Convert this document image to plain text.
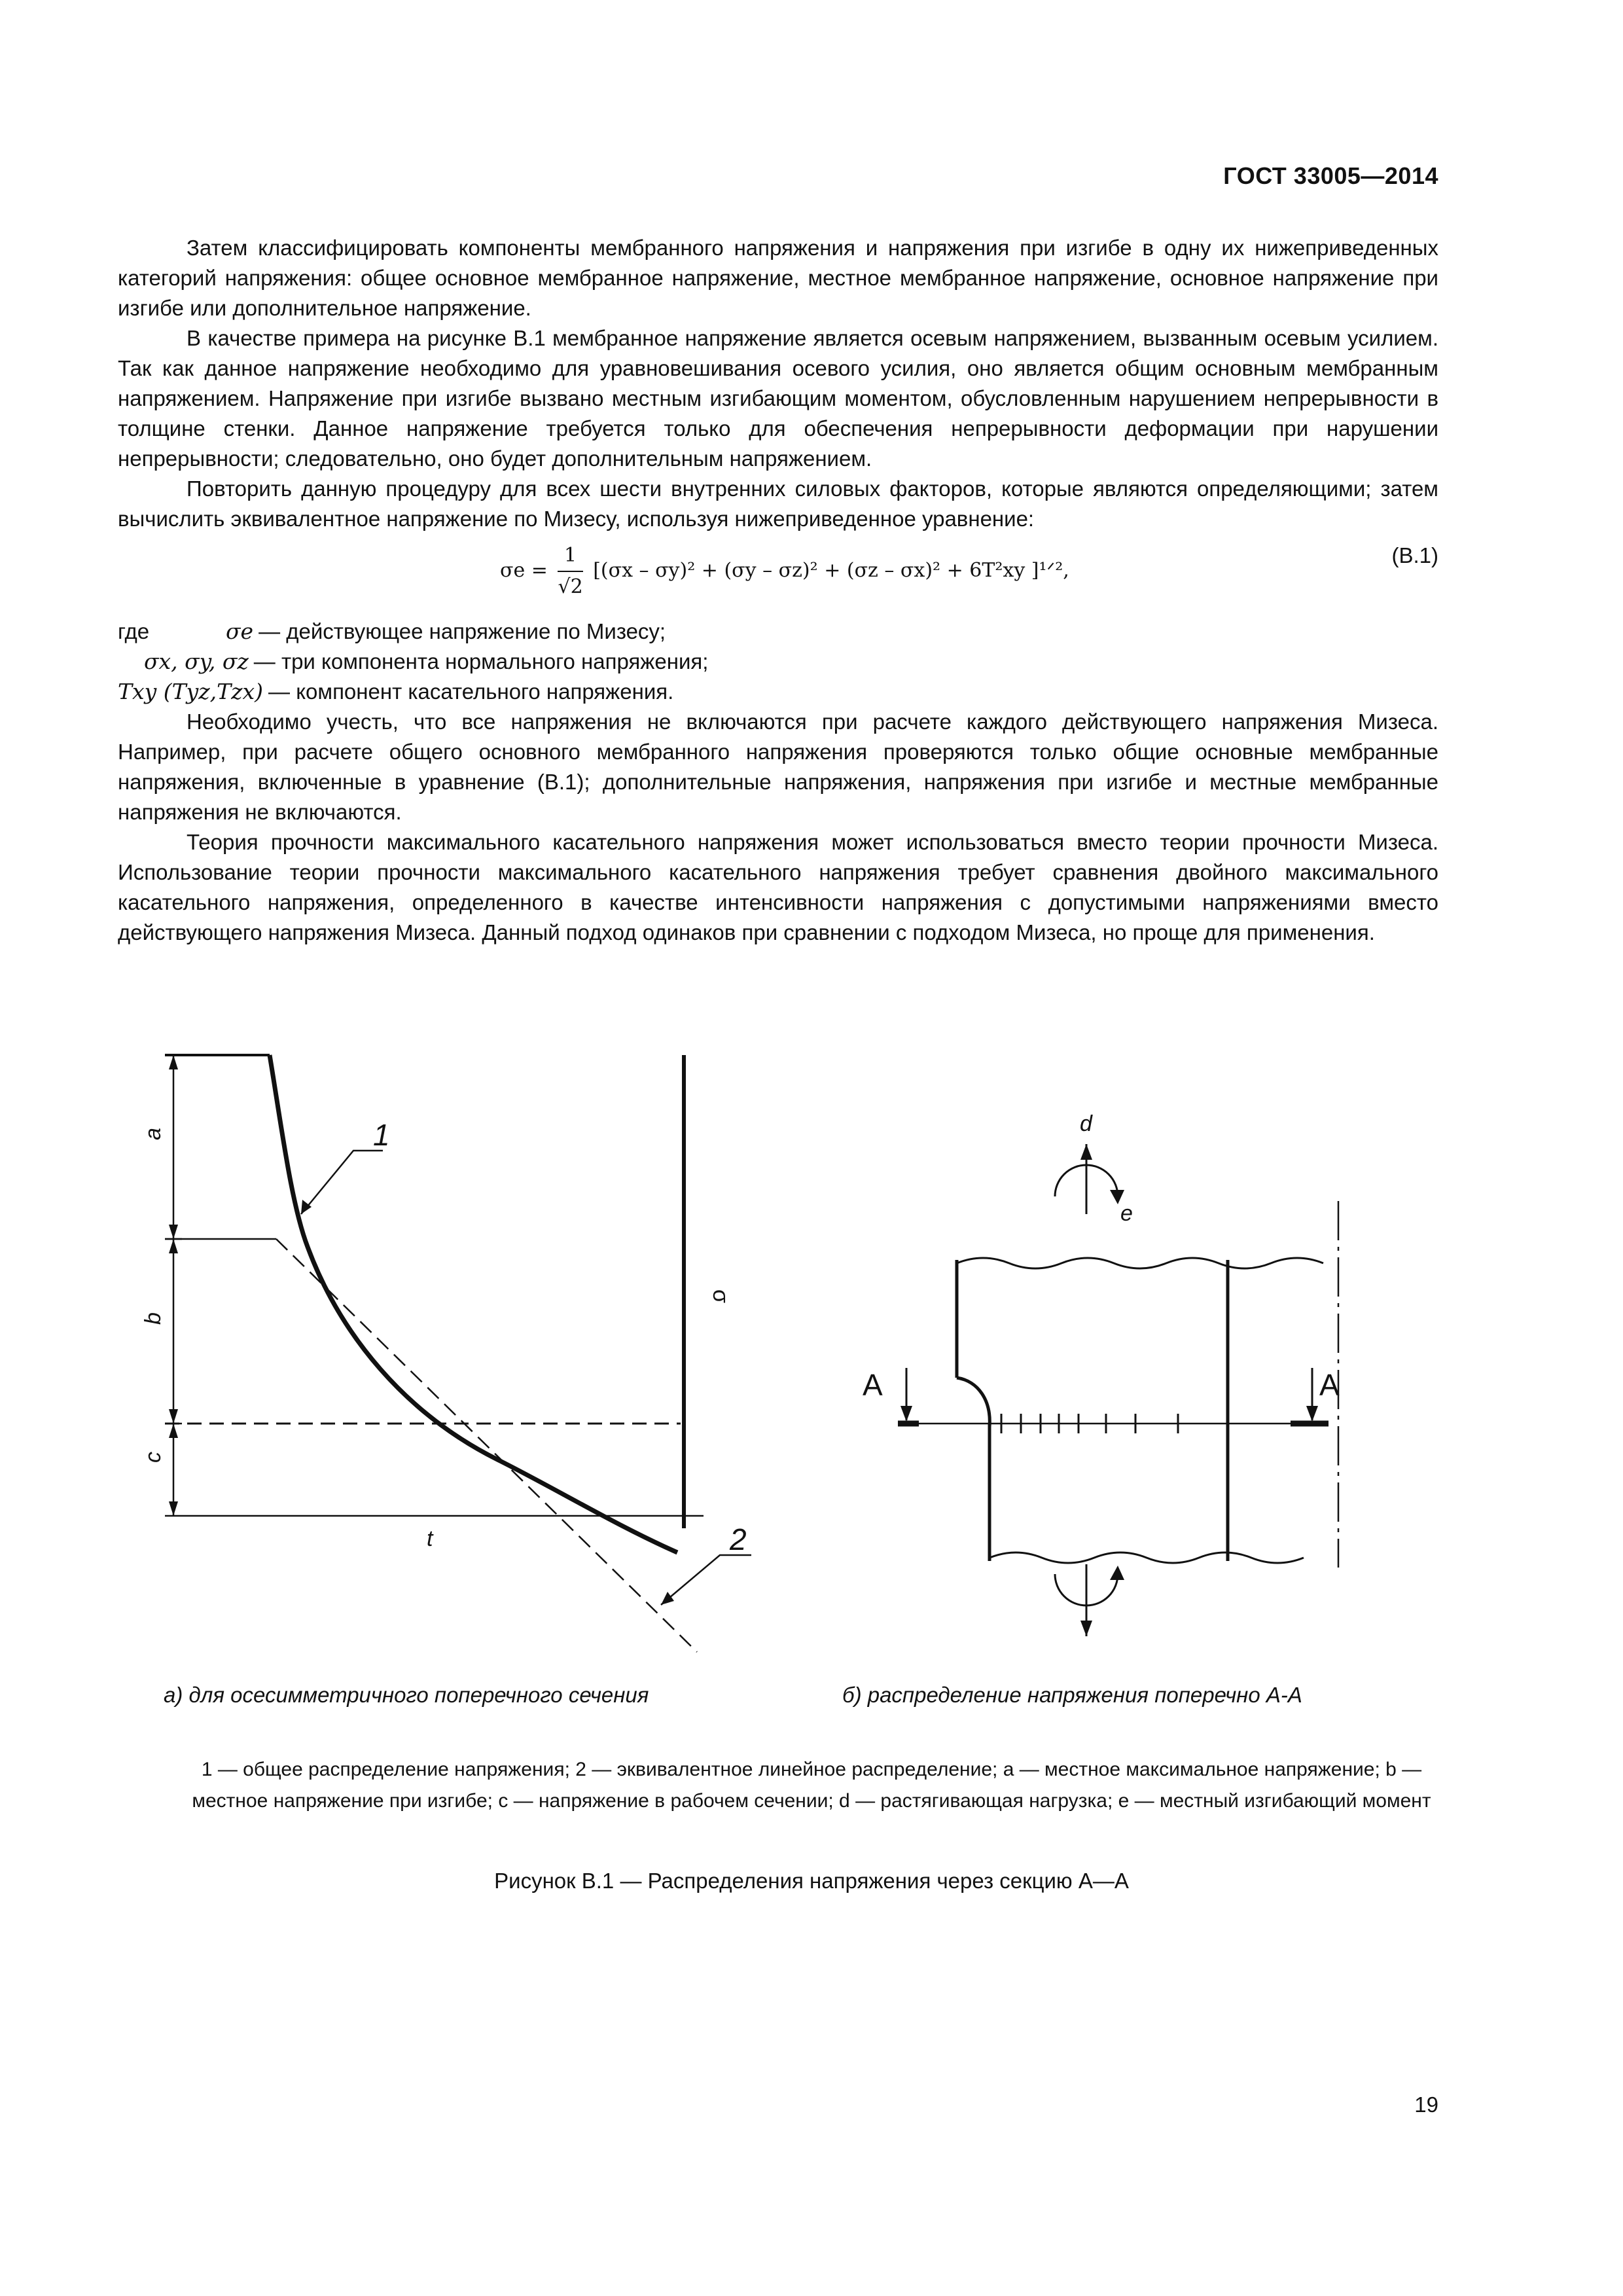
ГОСТ 33005—2014

Затем классифицировать компоненты мембранного напряжения и напряжения при изгибе в одну их нижеприведенных категорий напряжения: общее основное мембранное напряжение, местное мембранное напряжение, основное напряжение при изгибе или дополнительное напряжение.

В качестве примера на рисунке В.1 мембранное напряжение является осевым напряжением, вызванным осевым усилием. Так как данное напряжение необходимо для уравновешивания осевого усилия, оно является общим основным мембранным напряжением. Напряжение при изгибе вызвано местным изгибающим моментом, обусловленным нарушением непрерывности в толщине стенки. Данное напряжение требуется только для обеспечения непрерывности деформации при нарушении непрерывности; следовательно, оно будет дополнительным напряжением.

Повторить данную процедуру для всех шести внутренних силовых факторов, которые являются определяющими; затем вычислить эквивалентное напряжение по Мизесу, используя нижеприведенное уравнение:

$\sigma e = \frac{1}{√2} [(\sigma x - \sigma y)^2 + (\sigma y - \sigma z)^2 + (\sigma z - \sigma x)^2 + 6T^2xy$ ]¹ᐟ²,
(В.1)
где	σe — действующее напряжение по Мизесу;
σx, σy, σz — три компонента нормального напряжения;
Txy (Tyz,Tzx) — компонент касательного напряжения.

Необходимо учесть, что все напряжения не включаются при расчете каждого действующего напряжения Мизеса. Например, при расчете общего основного мембранного напряжения проверяются только общие основные мембранные напряжения, включенные в уравнение (В.1); дополнительные напряжения, напряжения при изгибе и местные мембранные напряжения не включаются.

Теория прочности максимального касательного напряжения может использоваться вместо теории прочности Мизеса. Использование теории прочности максимального касательного напряжения требует сравнения двойного максимального касательного напряжения, определенного в качестве интенсивности напряжения с допустимыми напряжениями вместо действующего напряжения Мизеса. Данный подход одинаков при сравнении с подходом Мизеса, но проще для применения.

a
b
c
t
σ
1
2
d
e
A	A
а) для осесимметричного поперечного сечения	б) распределение напряжения поперечно А-А
1 — общее распределение напряжения; 2 — эквивалентное линейное распределение; a — местное максимальное напряжение; b — местное напряжение при изгибе; c — напряжение в рабочем сечении; d — растягивающая нагрузка; e — местный изгибающий момент
Рисунок В.1 — Распределения напряжения через секцию А—А
19
